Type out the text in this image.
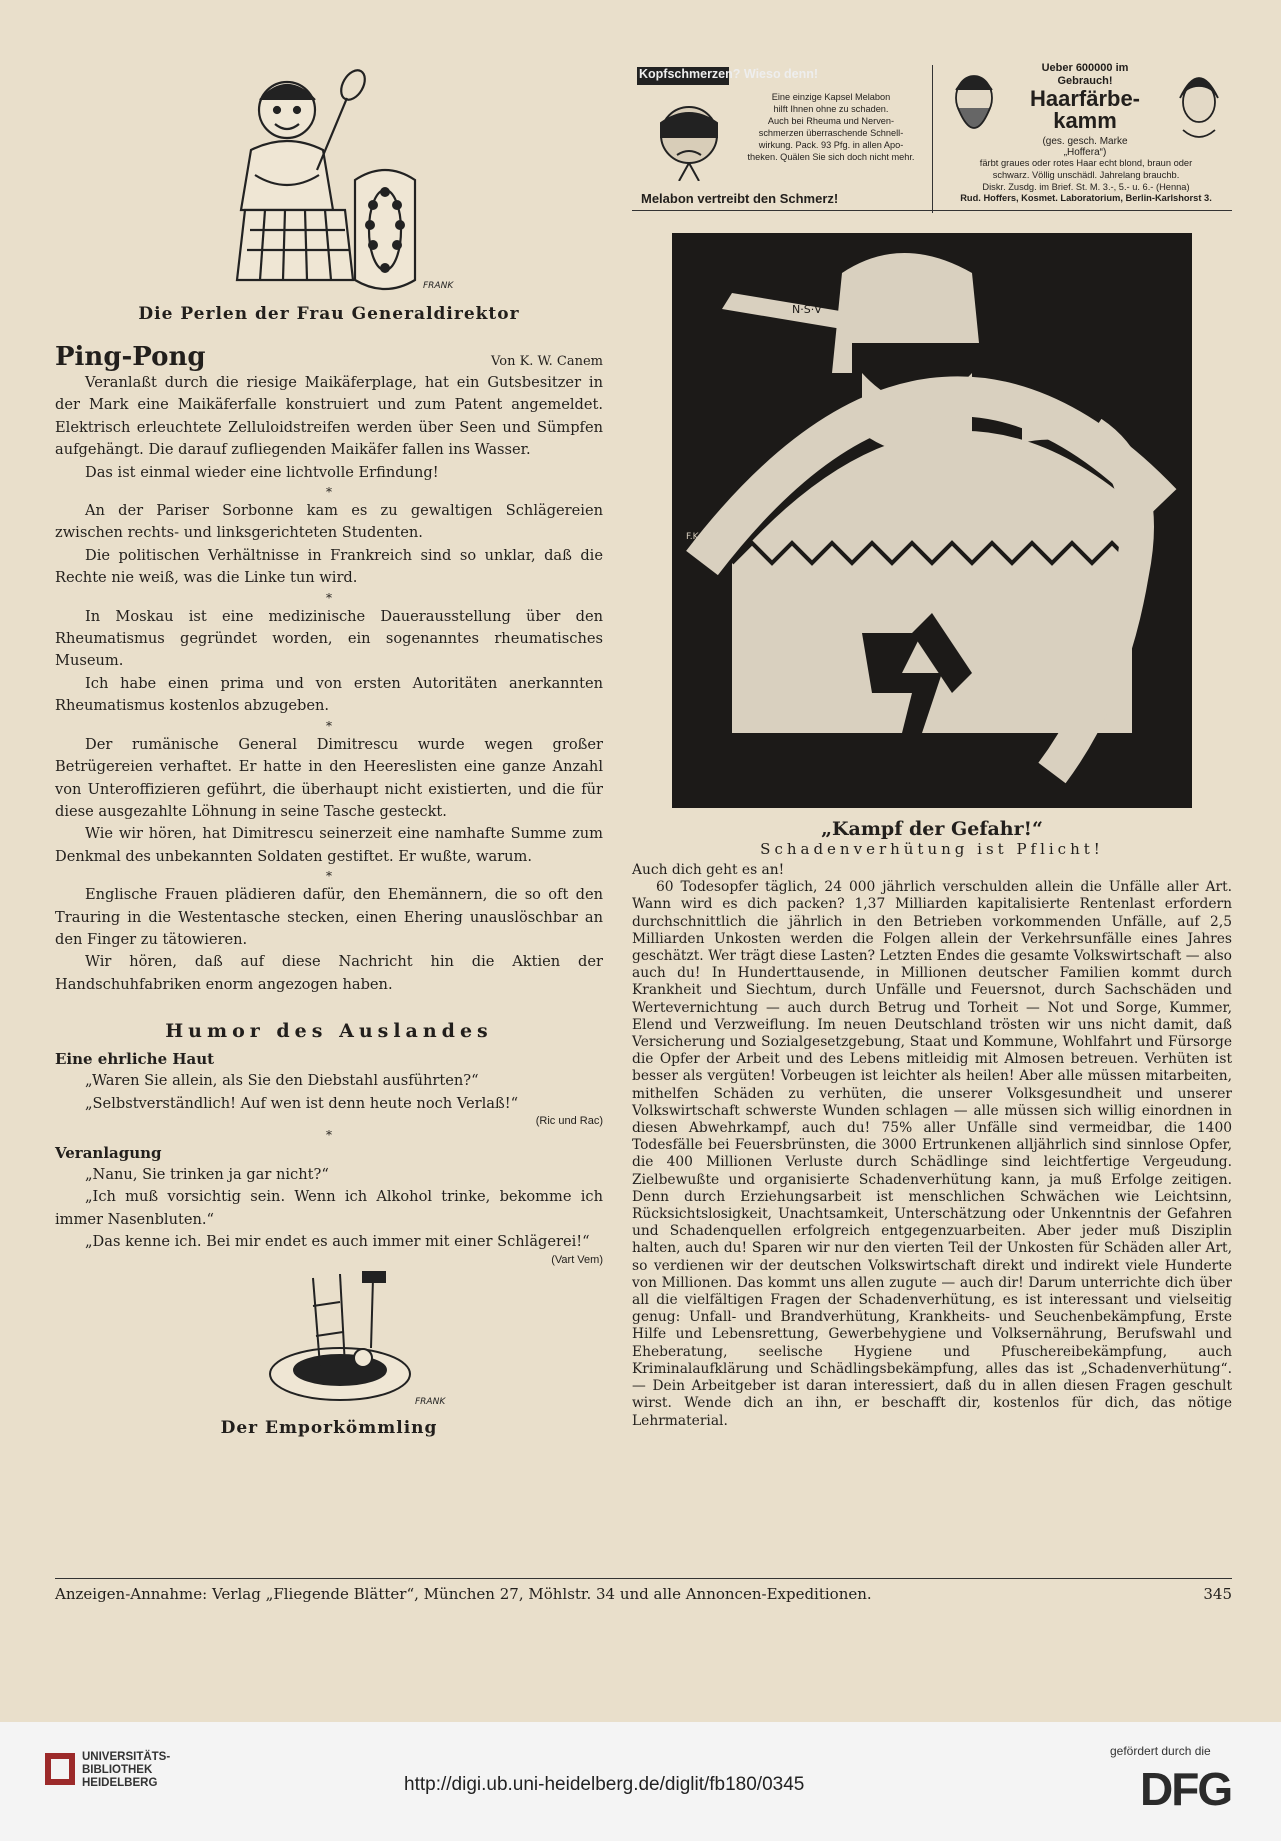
FRANK
Die Perlen der Frau Generaldirektor
Ping-Pong	Von K. W. Canem

Veranlaßt durch die riesige Maikäferplage, hat ein Gutsbesitzer in der Mark eine Maikäferfalle konstruiert und zum Patent angemeldet. Elektrisch erleuchtete Zelluloidstreifen werden über Seen und Sümpfen aufgehängt. Die darauf zufliegenden Maikäfer fallen ins Wasser.

Das ist einmal wieder eine lichtvolle Erfindung!

*

An der Pariser Sorbonne kam es zu gewaltigen Schlägereien zwischen rechts- und linksgerichteten Studenten.

Die politischen Verhältnisse in Frankreich sind so unklar, daß die Rechte nie weiß, was die Linke tun wird.

*

In Moskau ist eine medizinische Dauerausstellung über den Rheumatismus gegründet worden, ein sogenanntes rheumatisches Museum.

Ich habe einen prima und von ersten Autoritäten anerkannten Rheumatismus kostenlos abzugeben.

*

Der rumänische General Dimitrescu wurde wegen großer Betrügereien verhaftet. Er hatte in den Heereslisten eine ganze Anzahl von Unteroffizieren geführt, die überhaupt nicht existierten, und die für diese ausgezahlte Löhnung in seine Tasche gesteckt.

Wie wir hören, hat Dimitrescu seinerzeit eine namhafte Summe zum Denkmal des unbekannten Soldaten gestiftet. Er wußte, warum.

*

Englische Frauen plädieren dafür, den Ehemännern, die so oft den Trauring in die Westentasche stecken, einen Ehering unauslöschbar an den Finger zu tätowieren.

Wir hören, daß auf diese Nachricht hin die Aktien der Handschuhfabriken enorm angezogen haben.

Humor des Auslandes
Eine ehrliche Haut

„Waren Sie allein, als Sie den Diebstahl ausführten?“

„Selbstverständlich! Auf wen ist denn heute noch Verlaß!“

(Ric und Rac)
*
Veranlagung

„Nanu, Sie trinken ja gar nicht?“

„Ich muß vorsichtig sein. Wenn ich Alkohol trinke, bekomme ich immer Nasenbluten.“

„Das kenne ich. Bei mir endet es auch immer mit einer Schlägerei!“

(Vart Vem)
FRANK
Der Emporkömmling
Kopfschmerzen? Wieso denn!
Eine einzige Kapsel Melabon
hilft Ihnen ohne zu schaden.
Auch bei Rheuma und Nerven-
schmerzen überraschende Schnell-
wirkung. Pack. 93 Pfg. in allen Apo-
theken. Quälen Sie sich doch nicht mehr.
Melabon vertreibt den Schmerz!
Ueber 600000 im
Gebrauch!
Haarfärbe-kamm
(ges. gesch. Marke
„Hoffera“)
färbt graues oder rotes Haar echt blond, braun oder
schwarz. Völlig unschädl. Jahrelang brauchb.
Diskr. Zusdg. im Brief. St. M. 3.-, 5.- u. 6.- (Henna)
Rud. Hoffers, Kosmet. Laboratorium, Berlin-Karlshorst 3.
N·S·V
F.K.B.
„Kampf der Gefahr!“
Schadenverhütung ist Pflicht!

Auch dich geht es an!

60 Todesopfer täglich, 24 000 jährlich verschulden allein die Unfälle aller Art. Wann wird es dich packen? 1,37 Milliarden kapitalisierte Rentenlast erfordern durchschnittlich die jährlich in den Betrieben vorkommenden Unfälle, auf 2,5 Milliarden Unkosten werden die Folgen allein der Verkehrsunfälle eines Jahres geschätzt. Wer trägt diese Lasten? Letzten Endes die gesamte Volkswirtschaft — also auch du! In Hunderttausende, in Millionen deutscher Familien kommt durch Krankheit und Siechtum, durch Unfälle und Feuersnot, durch Sachschäden und Wertevernichtung — auch durch Betrug und Torheit — Not und Sorge, Kummer, Elend und Verzweiflung. Im neuen Deutschland trösten wir uns nicht damit, daß Versicherung und Sozialgesetzgebung, Staat und Kommune, Wohlfahrt und Fürsorge die Opfer der Arbeit und des Lebens mitleidig mit Almosen betreuen. Verhüten ist besser als vergüten! Vorbeugen ist leichter als heilen! Aber alle müssen mitarbeiten, mithelfen Schäden zu verhüten, die unserer Volksgesundheit und unserer Volkswirtschaft schwerste Wunden schlagen — alle müssen sich willig einordnen in diesen Abwehrkampf, auch du! 75% aller Unfälle sind vermeidbar, die 1400 Todesfälle bei Feuersbrünsten, die 3000 Ertrunkenen alljährlich sind sinnlose Opfer, die 400 Millionen Verluste durch Schädlinge sind leichtfertige Vergeudung. Zielbewußte und organisierte Schadenverhütung kann, ja muß Erfolge zeitigen. Denn durch Erziehungsarbeit ist menschlichen Schwächen wie Leichtsinn, Rücksichtslosigkeit, Unachtsamkeit, Unterschätzung oder Unkenntnis der Gefahren und Schadenquellen erfolgreich entgegenzuarbeiten. Aber jeder muß Disziplin halten, auch du! Sparen wir nur den vierten Teil der Unkosten für Schäden aller Art, so verdienen wir der deutschen Volkswirtschaft direkt und indirekt viele Hunderte von Millionen. Das kommt uns allen zugute — auch dir! Darum unterrichte dich über all die vielfältigen Fragen der Schadenverhütung, es ist interessant und vielseitig genug: Unfall- und Brandverhütung, Krankheits- und Seuchenbekämpfung, Erste Hilfe und Lebensrettung, Gewerbehygiene und Volksernährung, Berufswahl und Eheberatung, seelische Hygiene und Pfuschereibekämpfung, auch Kriminalaufklärung und Schädlingsbekämpfung, alles das ist „Schadenverhütung“. — Dein Arbeitgeber ist daran interessiert, daß du in allen diesen Fragen geschult wirst. Wende dich an ihn, er beschafft dir, kostenlos für dich, das nötige Lehrmaterial.

Anzeigen-Annahme: Verlag „Fliegende Blätter“, München 27, Möhlstr. 34 und alle Annoncen-Expeditionen.	345
UNIVERSITÄTS-
BIBLIOTHEK
HEIDELBERG	http://digi.ub.uni-heidelberg.de/diglit/fb180/0345
gefördert durch die
DFG
